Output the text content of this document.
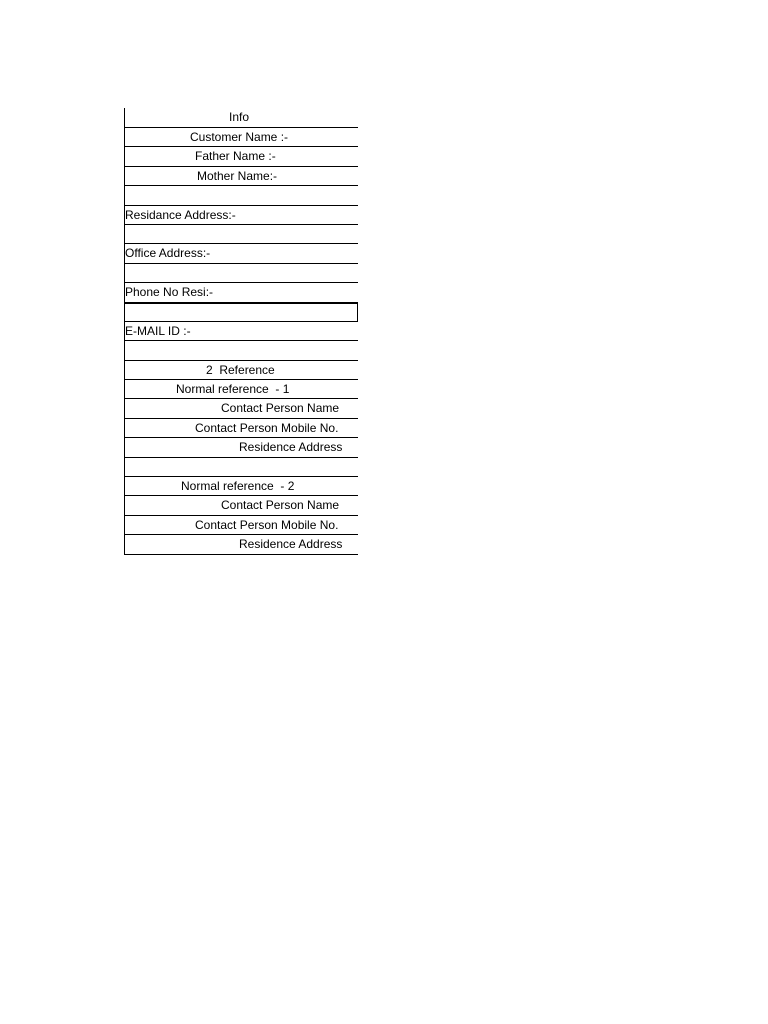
Info
Customer Name :-
Father Name :-
Mother Name:-
Residance Address:-
Office Address:-
Phone No Resi:-
E-MAIL ID :-
2  Reference
Normal reference  - 1
Contact Person Name
Contact Person Mobile No.
Residence Address
Normal reference  - 2
Contact Person Name
Contact Person Mobile No.
Residence Address
